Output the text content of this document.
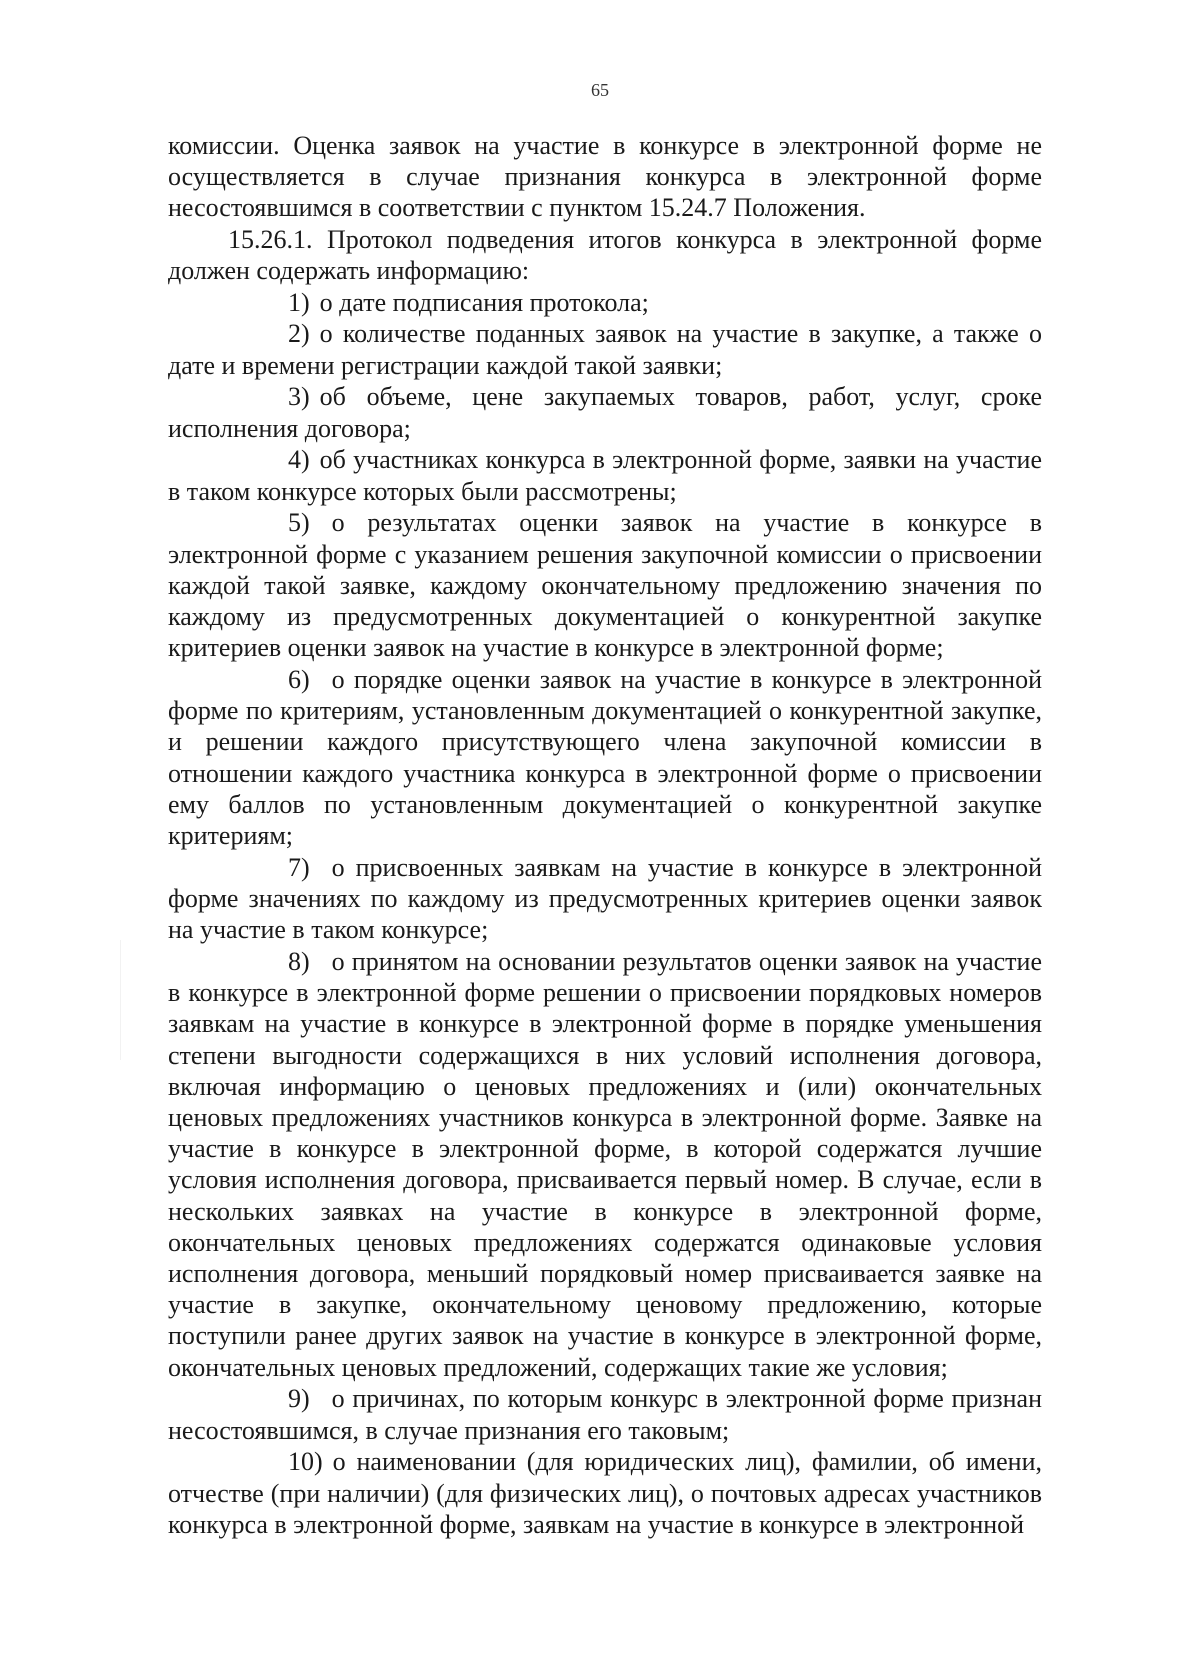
65

комиссии. Оценка заявок на участие в конкурсе в электронной форме не осуществляется в случае признания конкурса в электронной форме несостоявшимся в соответствии с пунктом 15.24.7 Положения.

15.26.1. Протокол подведения итогов конкурса в электронной форме должен содержать информацию:

1) о дате подписания протокола;

2) о количестве поданных заявок на участие в закупке, а также о дате и времени регистрации каждой такой заявки;

3) об объеме, цене закупаемых товаров, работ, услуг, сроке исполнения договора;

4) об участниках конкурса в электронной форме, заявки на участие в таком конкурсе которых были рассмотрены;

5) о результатах оценки заявок на участие в конкурсе в электронной форме с указанием решения закупочной комиссии о присвоении каждой такой заявке, каждому окончательному предложению значения по каждому из предусмотренных документацией о конкурентной закупке критериев оценки заявок на участие в конкурсе в электронной форме;

6) о порядке оценки заявок на участие в конкурсе в электронной форме по критериям, установленным документацией о конкурентной закупке, и решении каждого присутствующего члена закупочной комиссии в отношении каждого участника конкурса в электронной форме о присвоении ему баллов по установленным документацией о конкурентной закупке критериям;

7) о присвоенных заявкам на участие в конкурсе в электронной форме значениях по каждому из предусмотренных критериев оценки заявок на участие в таком конкурсе;

8) о принятом на основании результатов оценки заявок на участие в конкурсе в электронной форме решении о присвоении порядковых номеров заявкам на участие в конкурсе в электронной форме в порядке уменьшения степени выгодности содержащихся в них условий исполнения договора, включая информацию о ценовых предложениях и (или) окончательных ценовых предложениях участников конкурса в электронной форме. Заявке на участие в конкурсе в электронной форме, в которой содержатся лучшие условия исполнения договора, присваивается первый номер. В случае, если в нескольких заявках на участие в конкурсе в электронной форме, окончательных ценовых предложениях содержатся одинаковые условия исполнения договора, меньший порядковый номер присваивается заявке на участие в закупке, окончательному ценовому предложению, которые поступили ранее других заявок на участие в конкурсе в электронной форме, окончательных ценовых предложений, содержащих такие же условия;

9) о причинах, по которым конкурс в электронной форме признан несостоявшимся, в случае признания его таковым;

10) о наименовании (для юридических лиц), фамилии, об имени, отчестве (при наличии) (для физических лиц), о почтовых адресах участников конкурса в электронной форме, заявкам на участие в конкурсе в электронной
